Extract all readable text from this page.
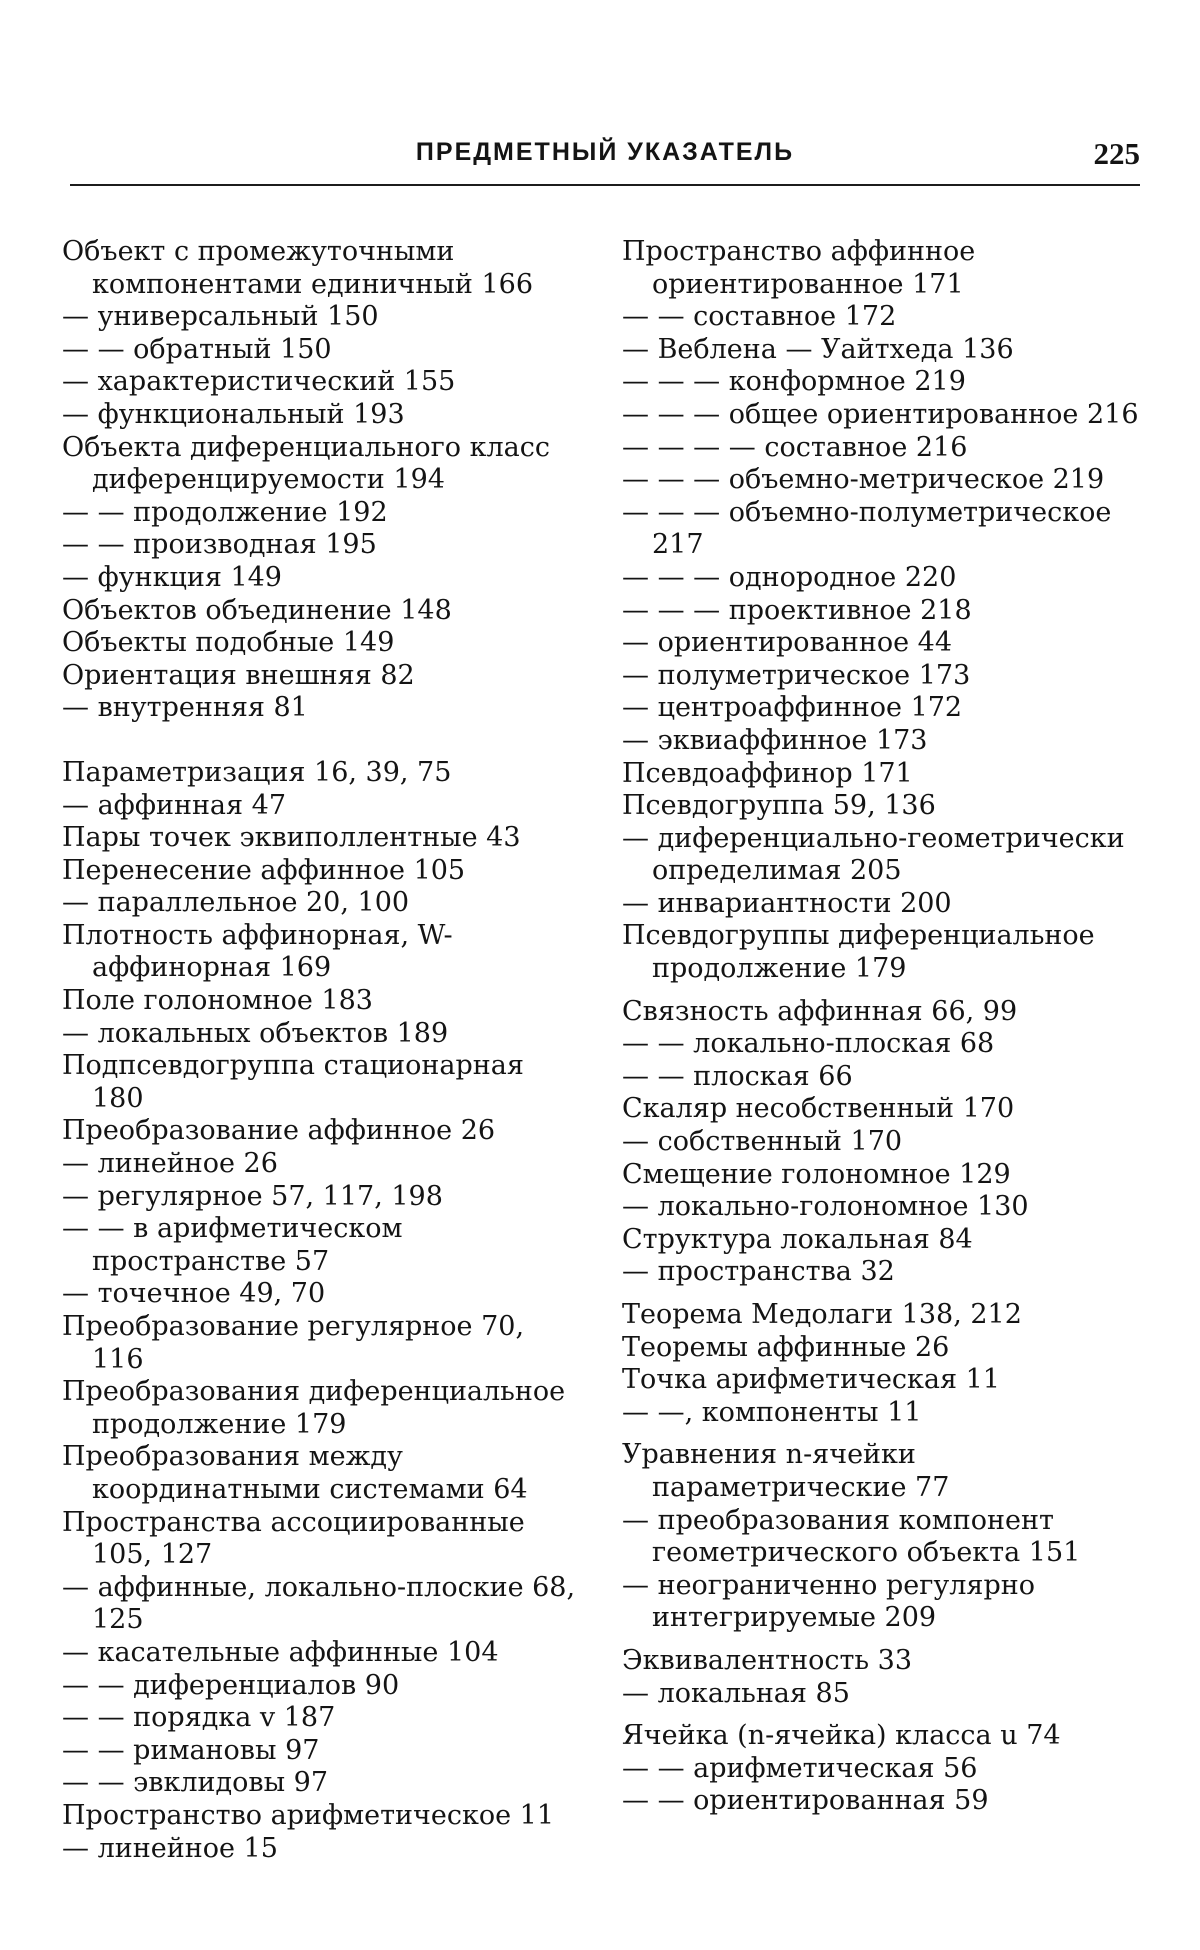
ПРЕДМЕТНЫЙ УКАЗАТЕЛЬ	225
Объект с промежуточными компонентами единичный 166
— универсальный 150
— — обратный 150
— характеристический 155
— функциональный 193
Объекта диференциального класс диференцируемости 194
— — продолжение 192
— — производная 195
— функция 149
Объектов объединение 148
Объекты подобные 149
Ориентация внешняя 82
— внутренняя 81
Параметризация 16, 39, 75
— аффинная 47
Пары точек эквиполлентные 43
Перенесение аффинное 105
— параллельное 20, 100
Плотность аффинорная, W-аффинорная 169
Поле голономное 183
— локальных объектов 189
Подпсевдогруппа стационарная 180
Преобразование аффинное 26
— линейное 26
— регулярное 57, 117, 198
— — в арифметическом пространстве 57
— точечное 49, 70
Преобразование регулярное 70, 116
Преобразования диференциальное продолжение 179
Преобразования между координатными системами 64
Пространства ассоциированные 105, 127
— аффинные, локально-плоские 68, 125
— касательные аффинные 104
— — диференциалов 90
— — порядка v 187
— — римановы 97
— — эвклидовы 97
Пространство арифметическое 11
— линейное 15
Пространство аффинное ориентированное 171
— — составное 172
— Веблена — Уайтхеда 136
— — — конформное 219
— — — общее ориентированное 216
— — — — составное 216
— — — объемно-метрическое 219
— — — объемно-полуметрическое 217
— — — однородное 220
— — — проективное 218
— ориентированное 44
— полуметрическое 173
— центроаффинное 172
— эквиаффинное 173
Псевдоаффинор 171
Псевдогруппа 59, 136
— диференциально-геометрически определимая 205
— инвариантности 200
Псевдогруппы диференциальное продолжение 179
Связность аффинная 66, 99
— — локально-плоская 68
— — плоская 66
Скаляр несобственный 170
— собственный 170
Смещение голономное 129
— локально-голономное 130
Структура локальная 84
— пространства 32
Теорема Медолаги 138, 212
Теоремы аффинные 26
Точка арифметическая 11
— —, компоненты 11
Уравнения n-ячейки параметрические 77
— преобразования компонент геометрического объекта 151
— неограниченно регулярно интегрируемые 209
Эквивалентность 33
— локальная 85
Ячейка (n-ячейка) класса u 74
— — арифметическая 56
— — ориентированная 59
